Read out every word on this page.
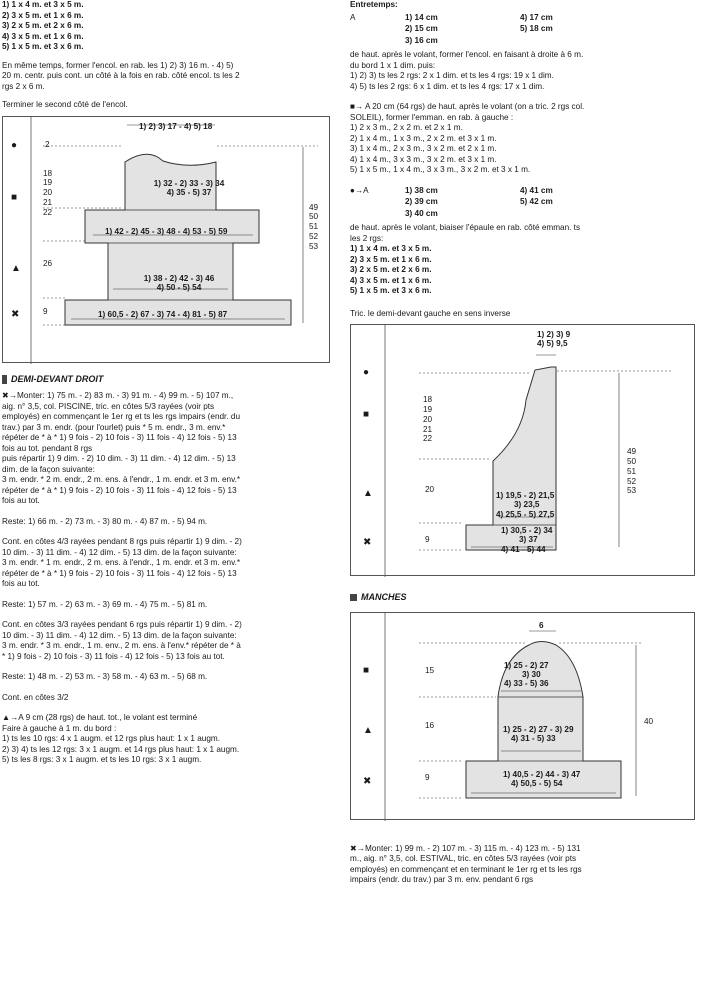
1) 1 x 4 m. et 3 x 5 m.
2) 3 x 5 m. et 1 x 6 m.
3) 2 x 5 m. et 2 x 6 m.
4) 3 x 5 m. et 1 x 6 m.
5) 1 x 5 m. et 3 x 6 m.
En même temps, former l'encol. en rab. les 1) 2) 3) 16 m. - 4) 5)
20 m. centr. puis cont. un côté à la fois en rab. côté encol. ts les 2
rgs 2 x 6 m.
Terminer le second côté de l'encol.
1) 2) 3) 17 - 4) 5) 18
●
■
▲
✖
2
18
19
20
21
22
26
9
49
50
51
52
53
1) 32 - 2) 33 - 3) 34
4) 35 - 5) 37
1) 42 - 2) 45 - 3) 48 - 4) 53 - 5) 59
1) 38 - 2) 42 - 3) 46
4) 50 - 5) 54
1) 60,5 - 2) 67 - 3) 74 - 4) 81 - 5) 87
DEMI-DEVANT DROIT
✖→Monter: 1) 75 m. - 2) 83 m. - 3) 91 m. - 4) 99 m. - 5) 107 m.,
aig. n° 3,5, col. PISCINE, tric. en côtes 5/3 rayées (voir pts
employés) en commençant le 1er rg et ts les rgs impairs (endr. du
trav.) par 3 m. endr. (pour l'ourlet) puis * 5 m. endr., 3 m. env.*
répéter de * à * 1) 9 fois - 2) 10 fois - 3) 11 fois - 4) 12 fois - 5) 13
fois au tot. pendant 8 rgs
puis répartir 1) 9 dim. - 2) 10 dim. - 3) 11 dim. - 4) 12 dim. - 5) 13
dim. de la façon suivante:
3 m. endr. * 2 m. endr., 2 m. ens. à l'endr., 1 m. endr. et 3 m. env.*
répéter de * à * 1) 9 fois - 2) 10 fois - 3) 11 fois - 4) 12 fois - 5) 13
fois au tot.
Reste: 1) 66 m. - 2) 73 m. - 3) 80 m. - 4) 87 m. - 5) 94 m.
Cont. en côtes 4/3 rayées pendant 8 rgs puis répartir 1) 9 dim. - 2)
10 dim. - 3) 11 dim. - 4) 12 dim. - 5) 13 dim. de la façon suivante:
3 m. endr. * 1 m. endr., 2 m. ens. à l'endr., 1 m. endr. et 3 m. env.*
répéter de * à * 1) 9 fois - 2) 10 fois - 3) 11 fois - 4) 12 fois - 5) 13
fois au tot.
Reste: 1) 57 m. - 2) 63 m. - 3) 69 m. - 4) 75 m. - 5) 81 m.
Cont. en côtes 3/3 rayées pendant 6 rgs puis répartir 1) 9 dim. - 2)
10 dim. - 3) 11 dim. - 4) 12 dim. - 5) 13 dim. de la façon suivante:
3 m. endr. * 3 m. endr., 1 m. env., 2 m. ens. à l'env.* répéter de * à
* 1) 9 fois - 2) 10 fois - 3) 11 fois - 4) 12 fois - 5) 13 fois au tot.
Reste: 1) 48 m. - 2) 53 m. - 3) 58 m. - 4) 63 m. - 5) 68 m.
Cont. en côtes 3/2
▲→A 9 cm (28 rgs) de haut. tot., le volant est terminé
Faire à gauche à 1 m. du bord :
1) ts les 10 rgs: 4 x 1 augm. et 12 rgs plus haut: 1 x 1 augm.
2) 3) 4) ts les 12 rgs: 3 x 1 augm. et 14 rgs plus haut: 1 x 1 augm.
5) ts les 8 rgs: 3 x 1 augm. et ts les 10 rgs: 3 x 1 augm.
Entretemps:
A	1) 14 cm	4) 17 cm
2) 15 cm	5) 18 cm
3) 16 cm
de haut. après le volant, former l'encol. en faisant à droite à 6 m.
du bord 1 x 1 dim. puis:
1) 2) 3) ts les 2 rgs: 2 x 1 dim. et ts les 4 rgs: 19 x 1 dim.
4) 5) ts les 2 rgs: 6 x 1 dim. et ts les 4 rgs: 17 x 1 dim.
■→ A 20 cm (64 rgs) de haut. après le volant (on a tric. 2 rgs col.
SOLEIL), former l'emman. en rab. à gauche :
1) 2 x 3 m., 2 x 2 m. et 2 x 1 m.
2) 1 x 4 m., 1 x 3 m., 2 x 2 m. et 3 x 1 m.
3) 1 x 4 m., 2 x 3 m., 3 x 2 m. et 2 x 1 m.
4) 1 x 4 m., 3 x 3 m., 3 x 2 m. et 3 x 1 m.
5) 1 x 5 m., 1 x 4 m., 3 x 3 m., 3 x 2 m. et 3 x 1 m.
●→A	1) 38 cm	4) 41 cm
2) 39 cm	5) 42 cm
3) 40 cm
de haut. après le volant, biaiser l'épaule en rab. côté emman. ts
les 2 rgs:
1) 1 x 4 m. et 3 x 5 m.
2) 3 x 5 m. et 1 x 6 m.
3) 2 x 5 m. et 2 x 6 m.
4) 3 x 5 m. et 1 x 6 m.
5) 1 x 5 m. et 3 x 6 m.
Tric. le demi-devant gauche en sens inverse
1) 2) 3) 9
4) 5) 9,5
●
■
▲
✖
18
19
20
21
22
20
9
49
50
51
52
53
1) 19,5 - 2) 21,5
3) 23,5
4) 25,5 - 5) 27,5
1) 30,5 - 2) 34
3) 37
4) 41 - 5) 44
MANCHES
6
■
▲
✖
15
16
9
40
1) 25 - 2) 27
3) 30
4) 33 - 5) 36
1) 25 - 2) 27 - 3) 29
4) 31 - 5) 33
1) 40,5 - 2) 44 - 3) 47
4) 50,5 - 5) 54
✖→Monter: 1) 99 m. - 2) 107 m. - 3) 115 m. - 4) 123 m. - 5) 131
m., aig. n° 3,5, col. ESTIVAL, tric. en côtes 5/3 rayées (voir pts
employés) en commençant et en terminant le 1er rg et ts les rgs
impairs (endr. du trav.) par 3 m. env. pendant 6 rgs
